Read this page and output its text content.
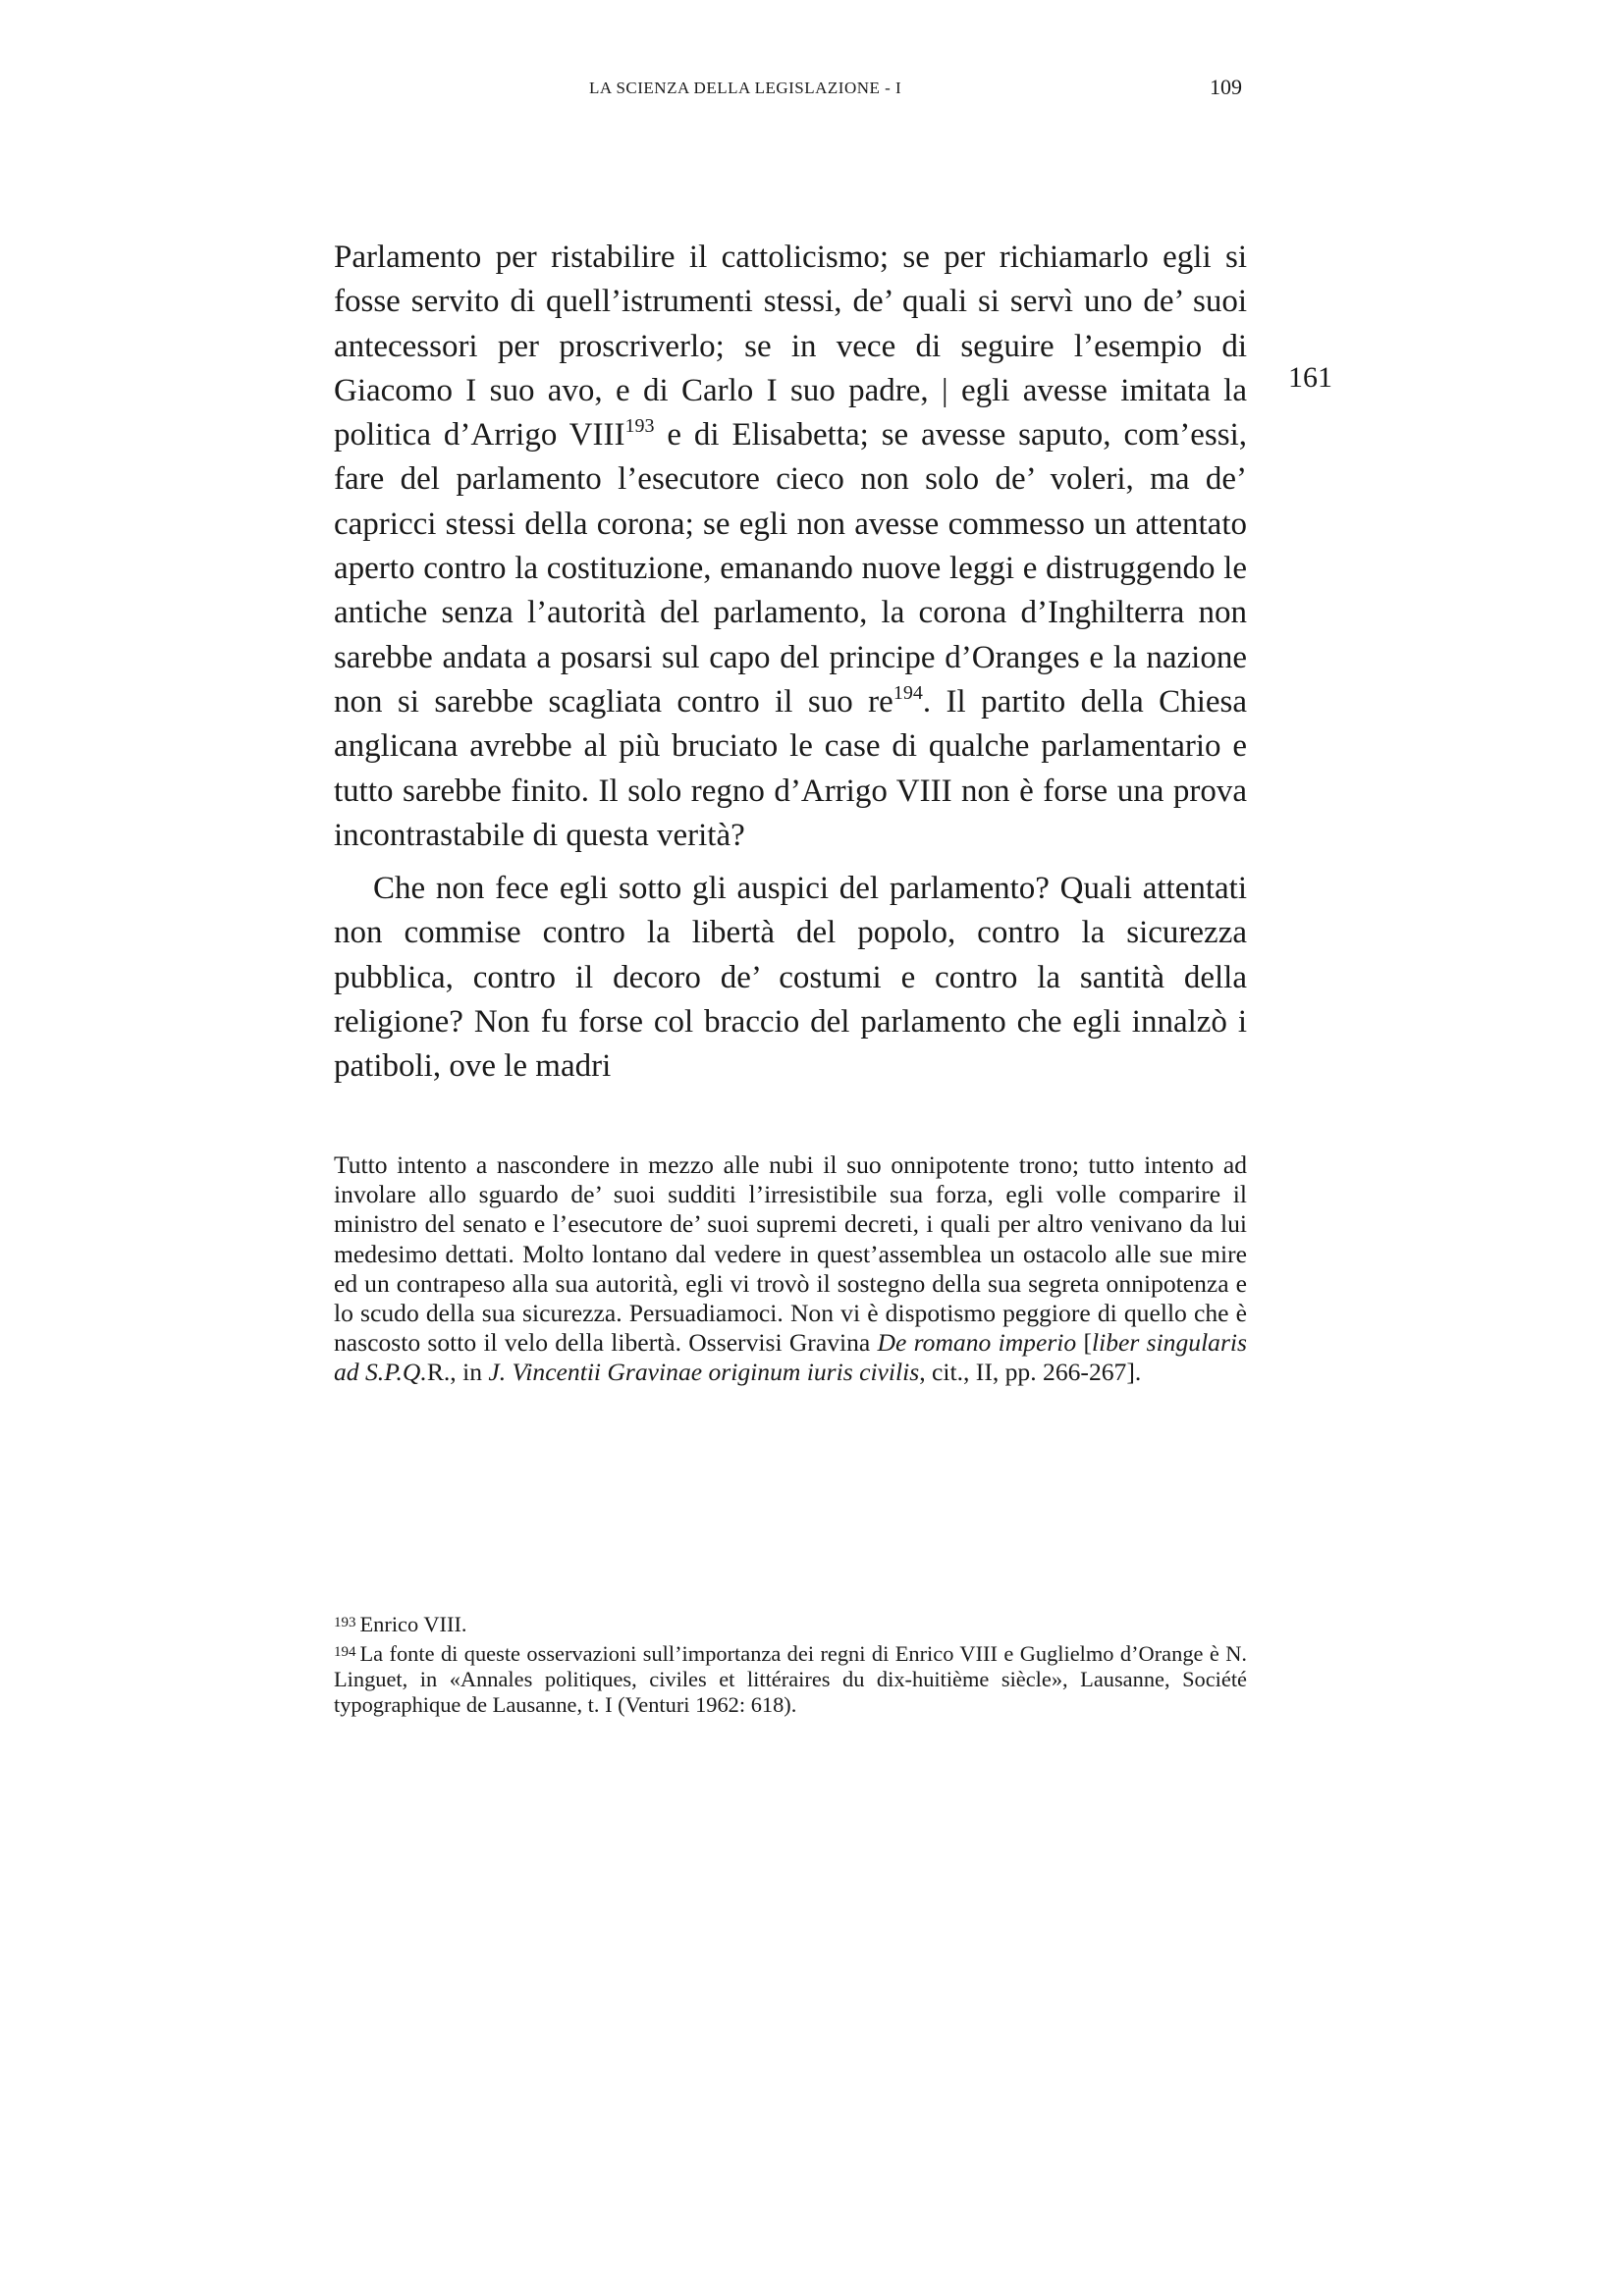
LA SCIENZA DELLA LEGISLAZIONE - I	109
161

Parlamento per ristabilire il cattolicismo; se per richiamarlo egli si fosse servito di quell’istrumenti stessi, de’ quali si servì uno de’ suoi antecessori per proscriverlo; se in vece di seguire l’esempio di Giacomo I suo avo, e di Carlo I suo padre, | egli avesse imitata la politica d’Arrigo VIII$^{193}$ e di Elisabetta; se avesse saputo, com’essi, fare del parlamento l’esecutore cieco non solo de’ voleri, ma de’ capricci stessi della corona; se egli non avesse commesso un attentato aperto contro la costituzione, emanando nuove leggi e distruggendo le antiche senza l’autorità del parlamento, la corona d’Inghilterra non sarebbe andata a posarsi sul capo del principe d’Oranges e la nazione non si sarebbe scagliata contro il suo $re^{194}$. Il partito della Chiesa anglicana avrebbe al più bruciato le case di qualche parlamentario e tutto sarebbe finito. Il solo regno d’Arrigo VIII non è forse una prova incontrastabile di questa verità?

Che non fece egli sotto gli auspici del parlamento? Quali attentati non commise contro la libertà del popolo, contro la sicurezza pubblica, contro il decoro de’ costumi e contro la santità della religione? Non fu forse col braccio del parlamento che egli innalzò i patiboli, ove le madri

Tutto intento a nascondere in mezzo alle nubi il suo onnipotente trono; tutto intento ad involare allo sguardo de’ suoi sudditi l’irresistibile sua forza, egli volle comparire il ministro del senato e l’esecutore de’ suoi supremi decreti, i quali per altro venivano da lui medesimo dettati. Molto lontano dal vedere in quest’assemblea un ostacolo alle sue mire ed un contrapeso alla sua autorità, egli vi trovò il sostegno della sua segreta onnipotenza e lo scudo della sua sicurezza. Persuadiamoci. Non vi è dispotismo peggiore di quello che è nascosto sotto il velo della libertà. Osservisi Gravina De romano imperio [liber singularis ad S.P.Q.R., in J. Vincentii Gravinae originum iuris civilis, cit., II, pp. 266-267].

$^{193}$ Enrico VIII.

$^{194}$ La fonte di queste osservazioni sull’importanza dei regni di Enrico VIII e Guglielmo d’Orange è N. Linguet, in «Annales politiques, civiles et littéraires du dix-huitième siècle», Lausanne, Société typographique de Lausanne, t. I (Venturi 1962: 618).
